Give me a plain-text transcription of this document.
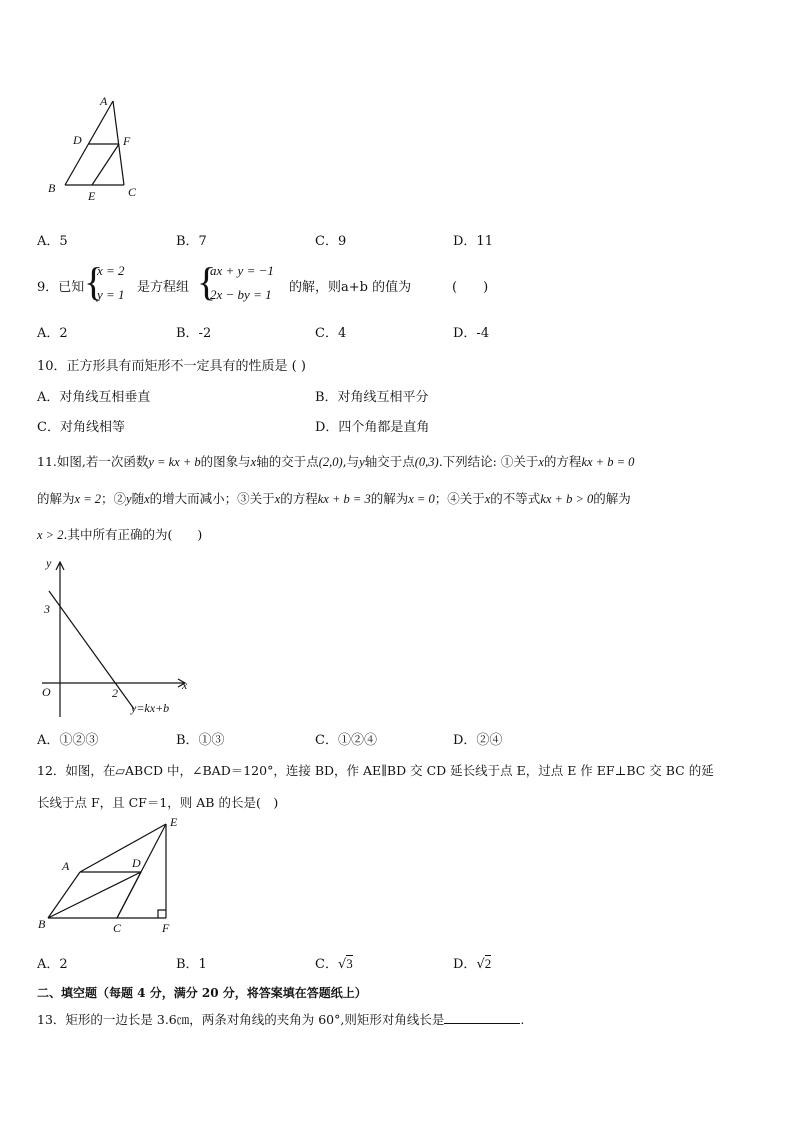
A
D	F
B
E	C
A．5	B．7	C．9	D．11
9．已知 {
x = 2
y = 1 是方程组 {
ax + y = −1
2x − by = 1 的解，则a+b 的值为	(　　)
A．2	B．-2	C．4	D．-4
10．正方形具有而矩形不一定具有的性质是 ( )
A．对角线互相垂直	B．对角线互相平分
C．对角线相等	D．四个角都是直角
11.如图,若一次函数y = kx + b的图象与x轴的交于点(2,0),与y轴交于点(0,3).下列结论: ①关于x的方程kx + b = 0
的解为x = 2；②y随x的增大而减小；③关于x的方程kx + b = 3的解为x = 0；④关于x的不等式kx + b > 0的解为
x > 2.其中所有正确的为(　　)
y
x
O
3
2
y=kx+b
A．①②③	B．①③	C．①②④	D．②④
12．如图，在▱ABCD 中，∠BAD＝120°，连接 BD，作 AE∥BD 交 CD 延长线于点 E，过点 E 作 EF⊥BC 交 BC 的延
长线于点 F，且 CF＝1，则 AB 的长是(　)
E
A	D
B	C	F
A．2	B．1	C．√3	D．√2
二、填空题（每题 4 分，满分 20 分，将答案填在答题纸上）
13．矩形的一边长是 3.6㎝，两条对角线的夹角为 60°,则矩形对角线长是	.
